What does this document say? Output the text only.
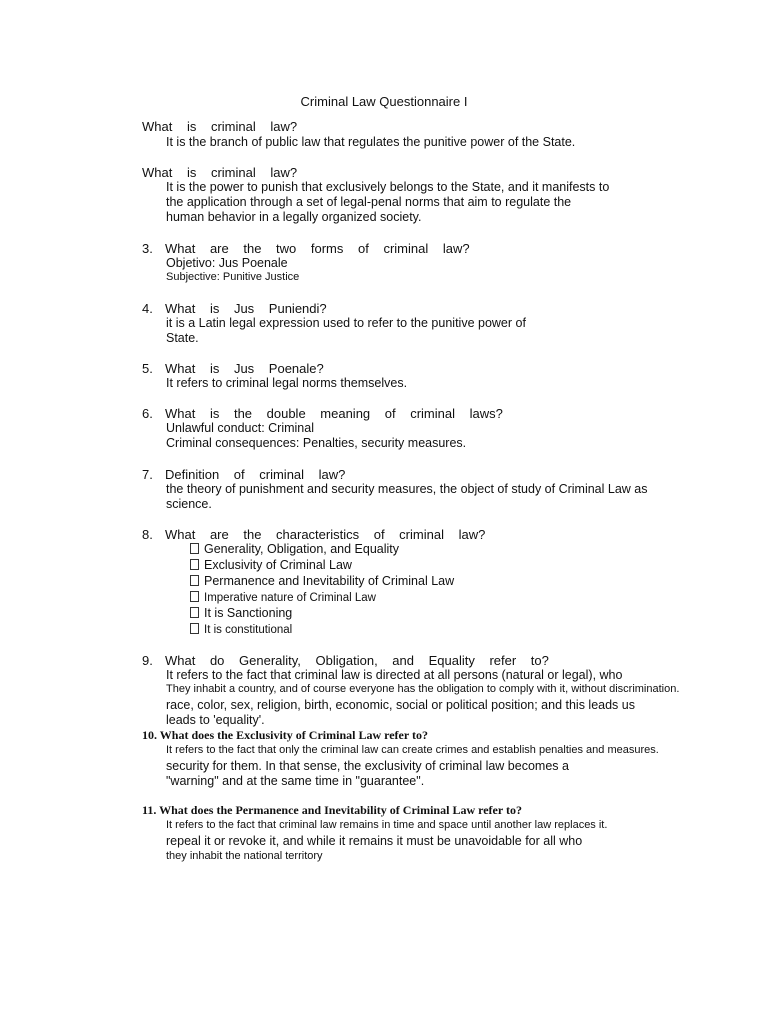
Criminal Law Questionnaire I
What is criminal law?
It is the branch of public law that regulates the punitive power of the State.
What is criminal law?
It is the power to punish that exclusively belongs to the State, and it manifests to
the application through a set of legal-penal norms that aim to regulate the
human behavior in a legally organized society.
3. What are the two forms of criminal law?
Objetivo: Jus Poenale
Subjective: Punitive Justice
4. What is Jus Puniendi?
it is a Latin legal expression used to refer to the punitive power of
State.
5. What is Jus Poenale?
It refers to criminal legal norms themselves.
6. What is the double meaning of criminal laws?
Unlawful conduct: Criminal
Criminal consequences: Penalties, security measures.
7. Definition of criminal law?
the theory of punishment and security measures, the object of study of Criminal Law as
science.
8. What are the characteristics of criminal law?
Generality, Obligation, and Equality
Exclusivity of Criminal Law
Permanence and Inevitability of Criminal Law
Imperative nature of Criminal Law
It is Sanctioning
It is constitutional
9. What do Generality, Obligation, and Equality refer to?
It refers to the fact that criminal law is directed at all persons (natural or legal), who
They inhabit a country, and of course everyone has the obligation to comply with it, without discrimination.
race, color, sex, religion, birth, economic, social or political position; and this leads us
leads to 'equality'.
10. What does the Exclusivity of Criminal Law refer to?
It refers to the fact that only the criminal law can create crimes and establish penalties and measures.
security for them. In that sense, the exclusivity of criminal law becomes a
"warning" and at the same time in "guarantee".
11. What does the Permanence and Inevitability of Criminal Law refer to?
It refers to the fact that criminal law remains in time and space until another law replaces it.
repeal it or revoke it, and while it remains it must be unavoidable for all who
they inhabit the national territory
